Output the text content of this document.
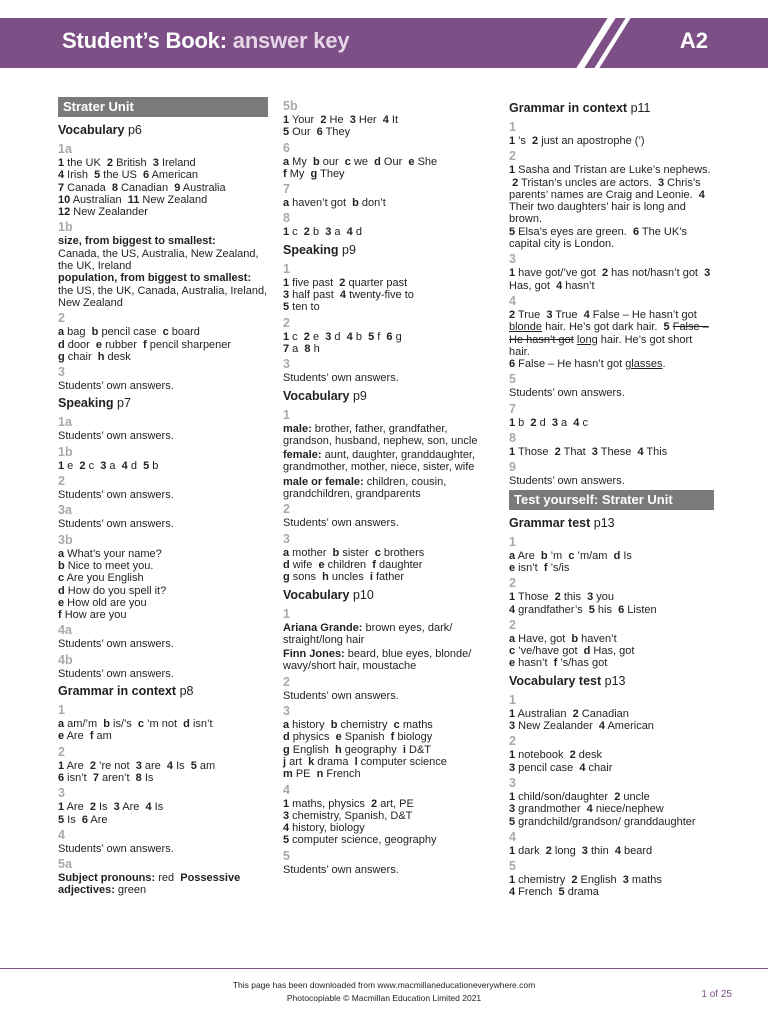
Student’s Book: answer key	A2
Strater Unit
Vocabulary p6
1a
1 the UK  2 British  3 Ireland
4 Irish  5 the US  6 American
7 Canada  8 Canadian  9 Australia
10 Australian  11 New Zealand
12 New Zealander
1b
size, from biggest to smallest:
Canada, the US, Australia, New Zealand, the UK, Ireland
population, from biggest to smallest: the US, the UK, Canada, Australia, Ireland, New Zealand
2
a bag  b pencil case  c board
d door  e rubber  f pencil sharpener
g chair  h desk
3
Students’ own answers.
Speaking p7
1a
Students’ own answers.
1b
1 e  2 c  3 a  4 d  5 b
2
Students’ own answers.
3a
Students’ own answers.
3b
a What’s your name?
b Nice to meet you.
c Are you English
d How do you spell it?
e How old are you
f How are you
4a
Students’ own answers.
4b
Students’ own answers.
Grammar in context p8
1
a am/’m  b is/’s  c ’m not  d isn’t
e Are  f am
2
1 Are  2 ’re not  3 are  4 Is  5 am
6 isn’t  7 aren’t  8 Is
3
1 Are  2 Is  3 Are  4 Is
5 Is  6 Are
4
Students’ own answers.
5a
Subject pronouns: red  Possessive adjectives: green
5b
1 Your  2 He  3 Her  4 It
5 Our  6 They
6
a My  b our  c we  d Our  e She
f My  g They
7
a haven’t got  b don’t
8
1 c  2 b  3 a  4 d
Speaking p9
1
1 five past  2 quarter past
3 half past  4 twenty-five to
5 ten to
2
1 c  2 e  3 d  4 b  5 f  6 g
7 a  8 h
3
Students’ own answers.
Vocabulary p9
1
male: brother, father, grandfather, grandson, husband, nephew, son, uncle
female: aunt, daughter, granddaughter, grandmother, mother, niece, sister, wife
male or female: children, cousin, grandchildren, grandparents
2
Students’ own answers.
3
a mother  b sister  c brothers
d wife  e children  f daughter
g sons  h uncles  i father
Vocabulary p10
1
Ariana Grande: brown eyes, dark/ straight/long hair
Finn Jones: beard, blue eyes, blonde/ wavy/short hair, moustache
2
Students’ own answers.
3
a history  b chemistry  c maths
d physics  e Spanish  f biology
g English  h geography  i D&T
j art  k drama  l computer science
m PE  n French
4
1 maths, physics  2 art, PE
3 chemistry, Spanish, D&T
4 history, biology
5 computer science, geography
5
Students’ own answers.
Grammar in context p11
1
1 ’s  2 just an apostrophe (’)
2
1 Sasha and Tristan are Luke’s nephews.  2 Tristan’s uncles are actors.  3 Chris’s parents’ names are Craig and Leonie.  4 Their two daughters’ hair is long and brown.
5 Elsa’s eyes are green.  6 The UK’s capital city is London.
3
1 have got/’ve got  2 has not/hasn’t got  3 Has, got  4 hasn’t
4
2 True  3 True  4 False – He hasn’t got blonde hair. He’s got dark hair.  5 False – He hasn’t got long hair. He’s got short hair.
6 False – He hasn’t got glasses.
5
Students’ own answers.
7
1 b  2 d  3 a  4 c
8
1 Those  2 That  3 These  4 This
9
Students’ own answers.
Test yourself: Strater Unit
Grammar test p13
1
a Are  b ’m  c ’m/am  d Is
e isn’t  f ’s/is
2
1 Those  2 this  3 you
4 grandfather’s  5 his  6 Listen
2
a Have, got  b haven’t
c ’ve/have got  d Has, got
e hasn’t  f ’s/has got
Vocabulary test p13
1
1 Australian  2 Canadian
3 New Zealander  4 American
2
1 notebook  2 desk
3 pencil case  4 chair
3
1 child/son/daughter  2 uncle
3 grandmother  4 niece/nephew
5 grandchild/grandson/ granddaughter
4
1 dark  2 long  3 thin  4 beard
5
1 chemistry  2 English  3 maths
4 French  5 drama
This page has been downloaded from www.macmillaneducationeverywhere.com
Photocopiable © Macmillan Education Limited 2021	1 of 25
